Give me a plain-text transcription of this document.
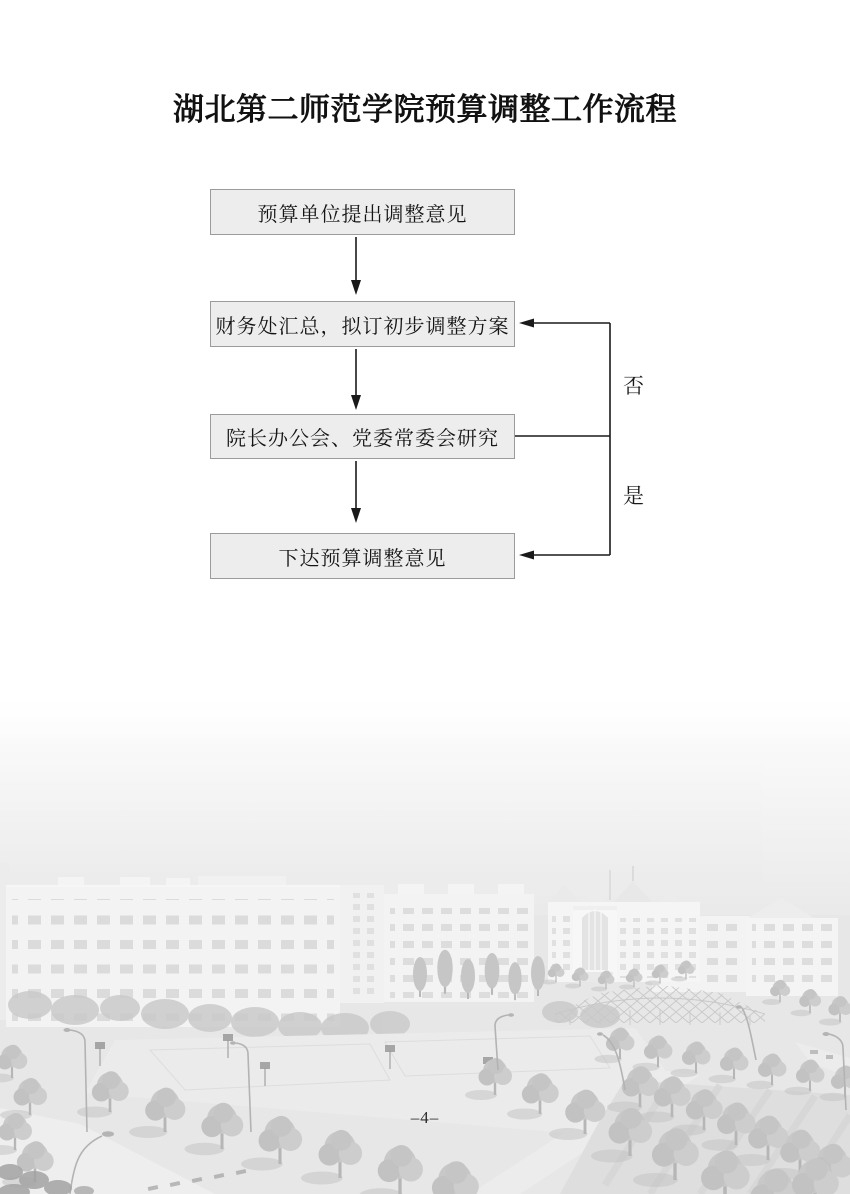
湖北第二师范学院预算调整工作流程
否
是
预算单位提出调整意见
财务处汇总，拟订初步调整方案
院长办公会、党委常委会研究
下达预算调整意见
–4–
